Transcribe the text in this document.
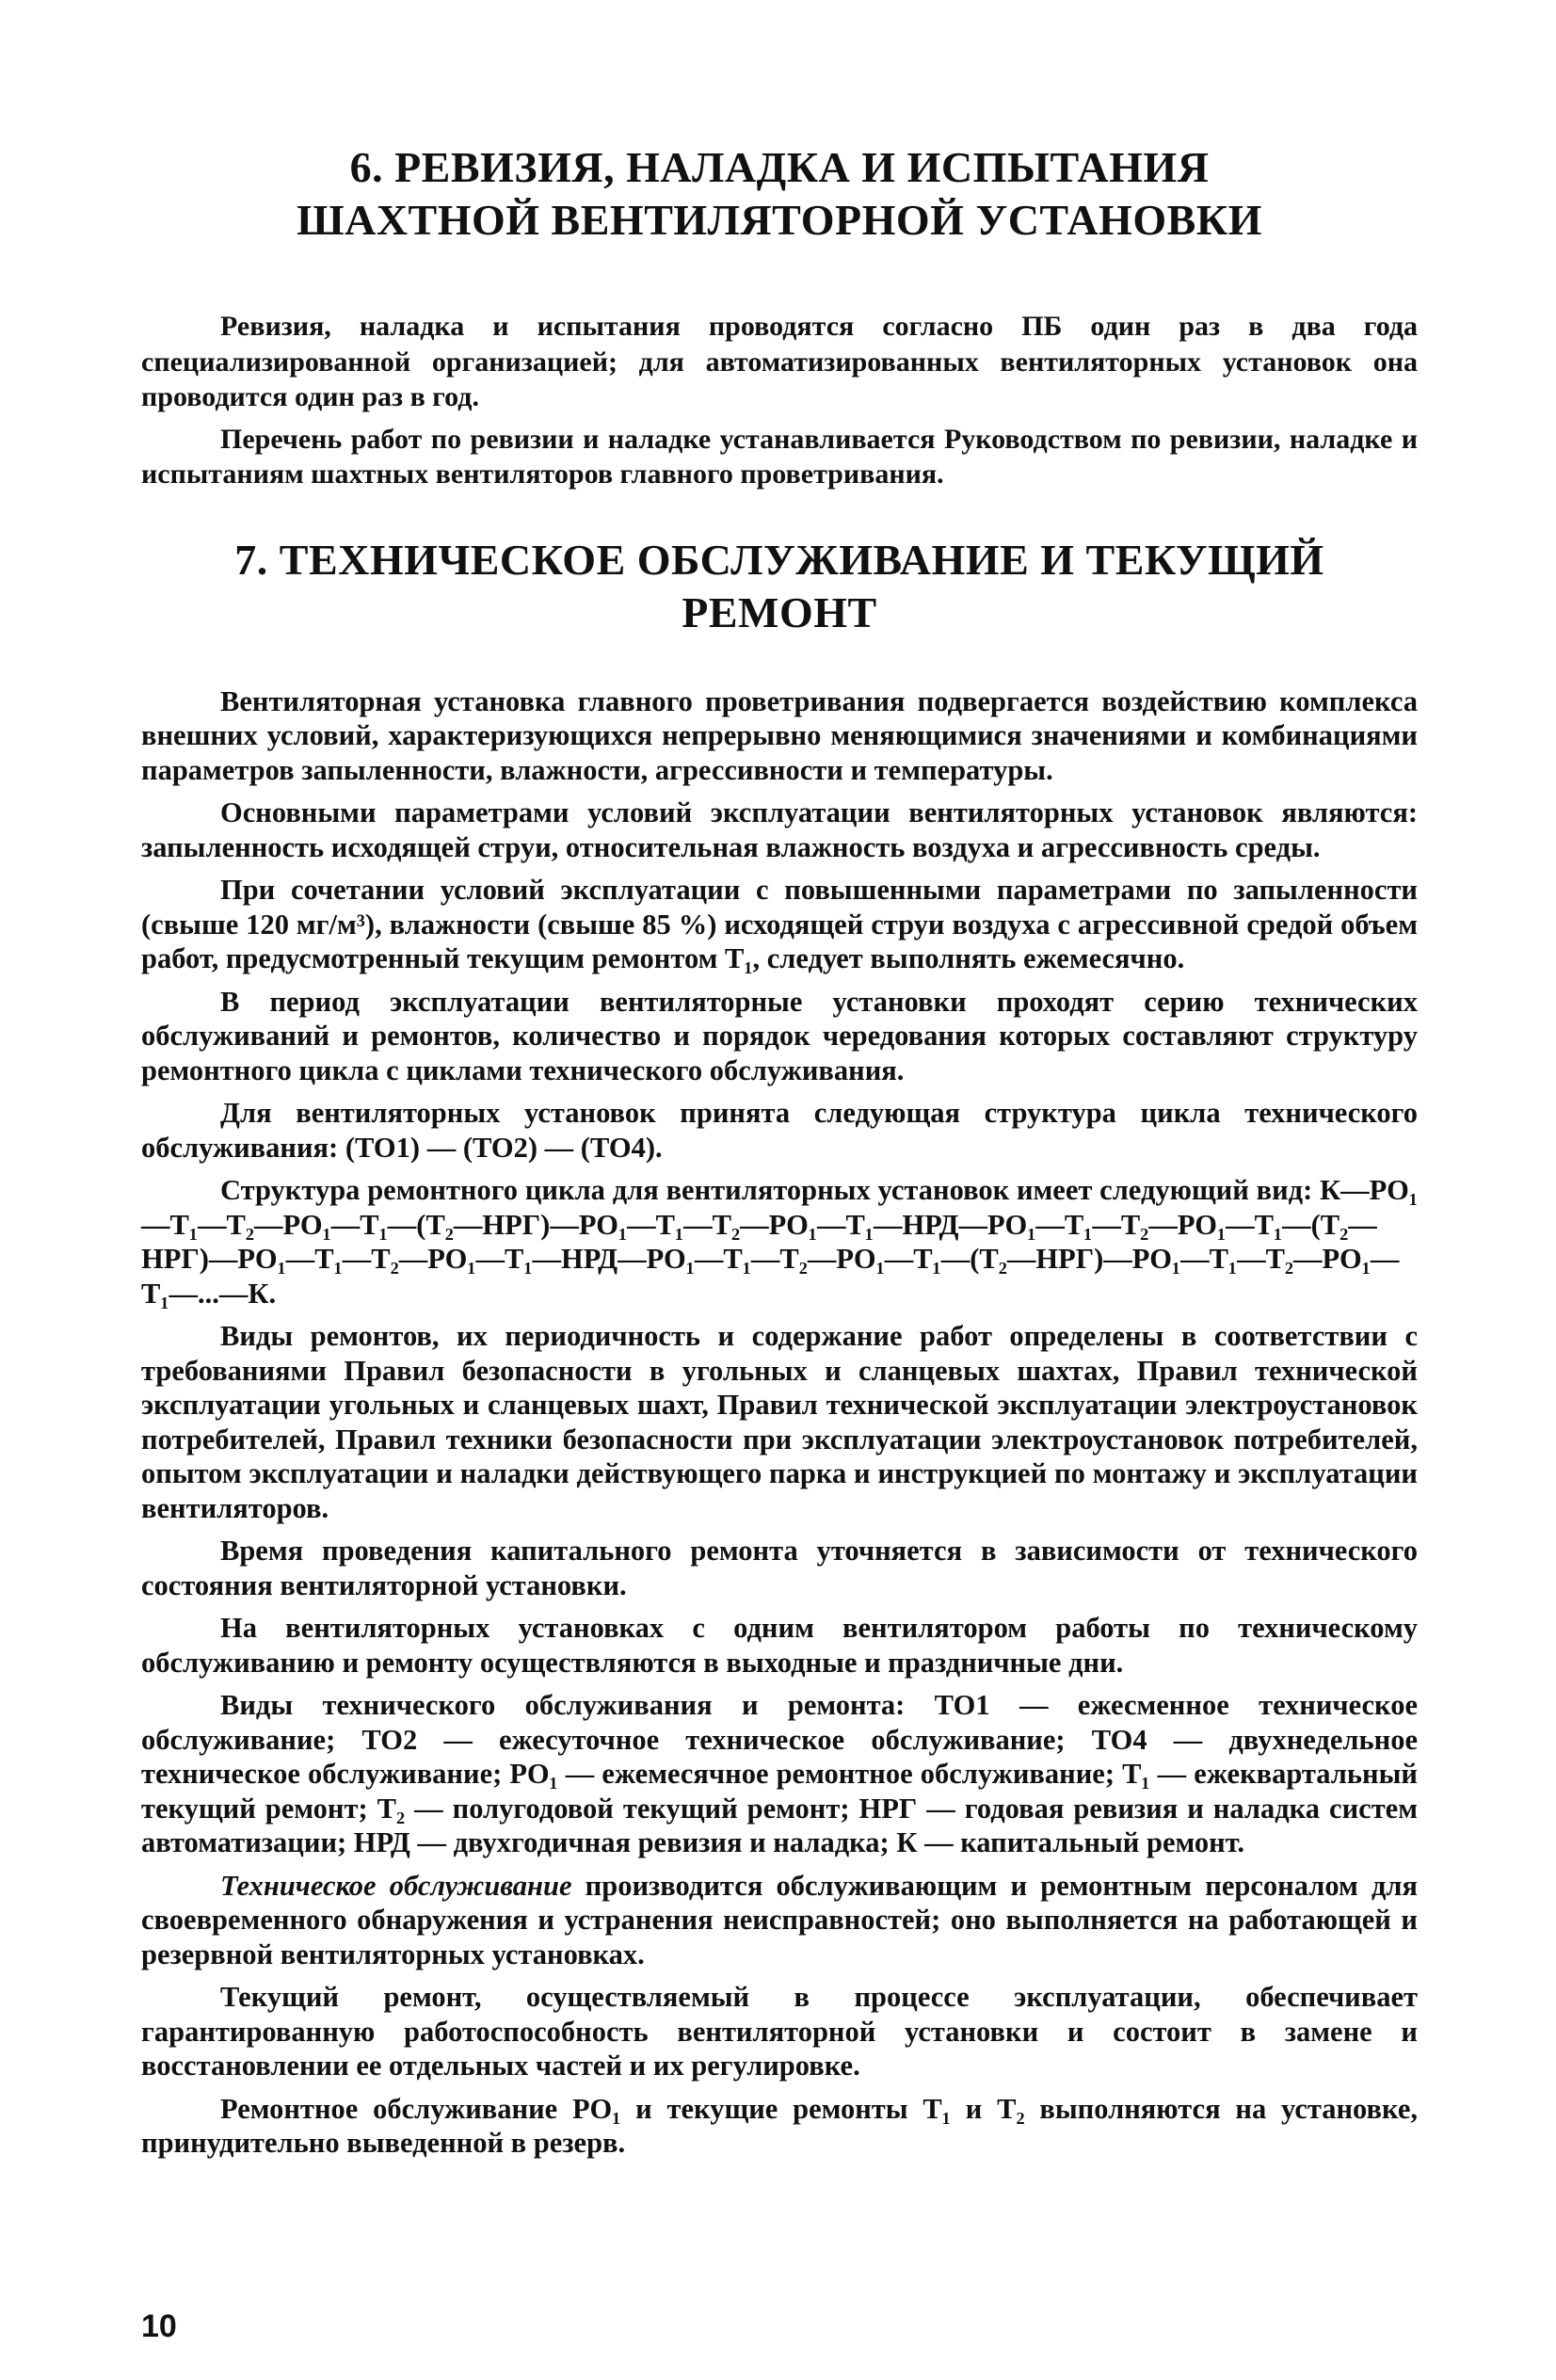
6. РЕВИЗИЯ, НАЛАДКА И ИСПЫТАНИЯ
ШАХТНОЙ ВЕНТИЛЯТОРНОЙ УСТАНОВКИ

Ревизия, наладка и испытания проводятся согласно ПБ один раз в два года специализированной организацией; для автоматизированных вентиляторных установок она проводится один раз в год.

Перечень работ по ревизии и наладке устанавливается Руководством по ревизии, наладке и испытаниям шахтных вентиляторов главного проветривания.

7. ТЕХНИЧЕСКОЕ ОБСЛУЖИВАНИЕ И ТЕКУЩИЙ РЕМОНТ

Вентиляторная установка главного проветривания подвергается воздействию комплекса внешних условий, характеризующихся непрерывно меняющимися значениями и комбинациями параметров запыленности, влажности, агрессивности и температуры.

Основными параметрами условий эксплуатации вентиляторных установок являются: запыленность исходящей струи, относительная влажность воздуха и агрессивность среды.

При сочетании условий эксплуатации с повышенными параметрами по запыленности (свыше 120 мг/м³), влажности (свыше 85 %) исходящей струи воздуха с агрессивной средой объем работ, предусмотренный текущим ремонтом T₁, следует выполнять ежемесячно.

В период эксплуатации вентиляторные установки проходят серию технических обслуживаний и ремонтов, количество и порядок чередования которых составляют структуру ремонтного цикла с циклами технического обслуживания.

Для вентиляторных установок принята следующая структура цикла технического обслуживания: (ТО1) — (ТО2) — (ТО4).

Структура ремонтного цикла для вентиляторных установок имеет следующий вид: К—РО₁—Т₁—Т₂—РО₁—Т₁—(Т₂—НРГ)—РО₁—Т₁—Т₂—РО₁—Т₁—НРД—РО₁—Т₁—Т₂—РО₁—Т₁—(Т₂—НРГ)—РО₁—Т₁—Т₂—РО₁—Т₁—НРД—РО₁—Т₁—Т₂—РО₁—Т₁—(Т₂—НРГ)—РО₁—Т₁—Т₂—РО₁—Т₁—...—К.

Виды ремонтов, их периодичность и содержание работ определены в соответствии с требованиями Правил безопасности в угольных и сланцевых шахтах, Правил технической эксплуатации угольных и сланцевых шахт, Правил технической эксплуатации электроустановок потребителей, Правил техники безопасности при эксплуатации электроустановок потребителей, опытом эксплуатации и наладки действующего парка и инструкцией по монтажу и эксплуатации вентиляторов.

Время проведения капитального ремонта уточняется в зависимости от технического состояния вентиляторной установки.

На вентиляторных установках с одним вентилятором работы по техническому обслуживанию и ремонту осуществляются в выходные и праздничные дни.

Виды технического обслуживания и ремонта: ТО1 — ежесменное техническое обслуживание; ТО2 — ежесуточное техническое обслуживание; ТО4 — двухнедельное техническое обслуживание; РО₁ — ежемесячное ремонтное обслуживание; Т₁ — ежеквартальный текущий ремонт; Т₂ — полугодовой текущий ремонт; НРГ — годовая ревизия и наладка систем автоматизации; НРД — двухгодичная ревизия и наладка; К — капитальный ремонт.

Техническое обслуживание производится обслуживающим и ремонтным персоналом для своевременного обнаружения и устранения неисправностей; оно выполняется на работающей и резервной вентиляторных установках.

Текущий ремонт, осуществляемый в процессе эксплуатации, обеспечивает гарантированную работоспособность вентиляторной установки и состоит в замене и восстановлении ее отдельных частей и их регулировке.

Ремонтное обслуживание РО₁ и текущие ремонты Т₁ и Т₂ выполняются на установке, принудительно выведенной в резерв.

10
